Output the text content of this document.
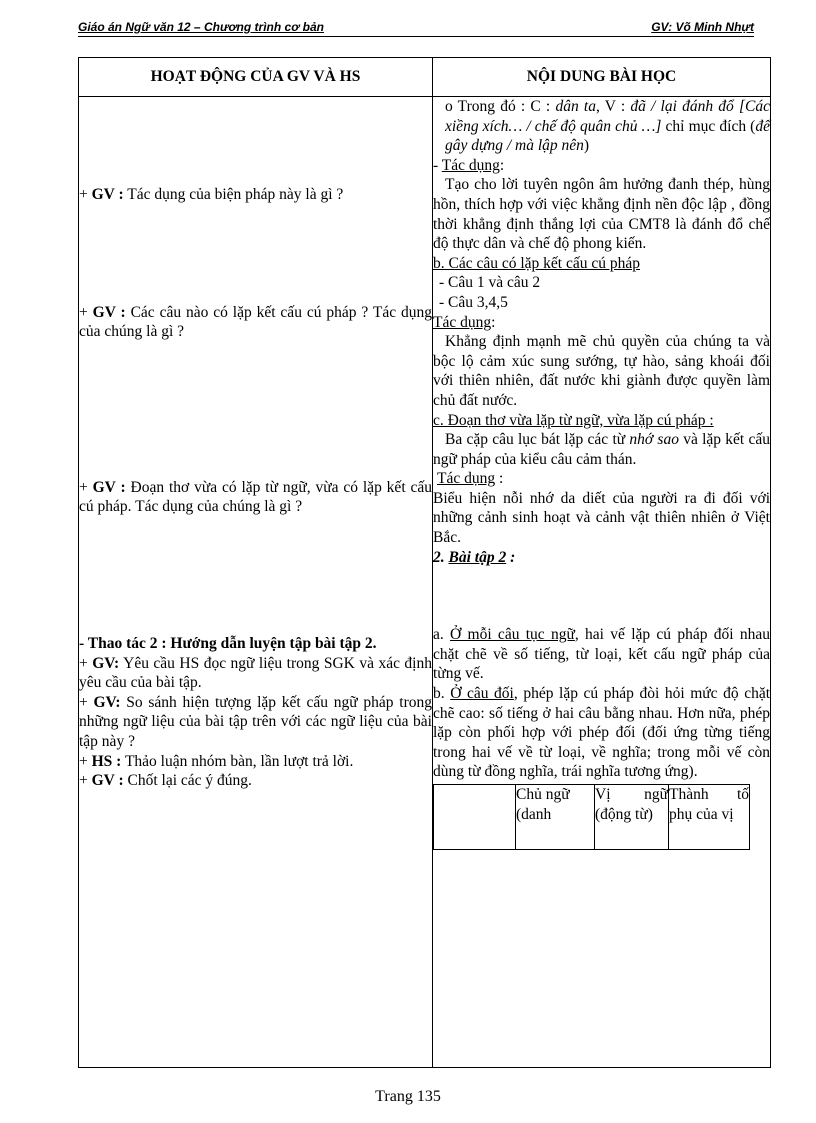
Giáo án Ngữ văn 12 – Chương trình cơ bản	GV: Võ Minh Nhựt
HOẠT ĐỘNG CỦA GV VÀ HS	NỘI DUNG BÀI HỌC

+ GV : Tác dụng của biện pháp này là gì ?
+ GV : Các câu nào có lặp kết cấu cú pháp ? Tác dụng của chúng là gì ?
+ GV : Đoạn thơ vừa có lặp từ ngữ, vừa có lặp kết cấu cú pháp. Tác dụng của chúng là gì ?
- Thao tác 2 : Hướng dẫn luyện tập bài tập 2.
+ GV: Yêu cầu HS đọc ngữ liệu trong SGK và xác định yêu cầu của bài tập.
+ GV: So sánh hiện tượng lặp kết cấu ngữ pháp trong những ngữ liệu của bài tập trên với các ngữ liệu của bài tập này ?
+ HS : Thảo luận nhóm bàn, lần lượt trả lời.
+ GV : Chốt lại các ý đúng.

o Trong đó : C : dân ta, V : đã / lại đánh đổ [Các xiềng xích… / chế độ quân chủ …] chỉ mục đích (để gây dựng / mà lập nên)
- Tác dụng:
Tạo cho lời tuyên ngôn âm hưởng đanh thép, hùng hồn, thích hợp với việc khẳng định nền độc lập , đồng thời khẳng định thắng lợi của CMT8 là đánh đổ chế độ thực dân và chế độ phong kiến.
b. Các câu có lặp kết cấu cú pháp
- Câu 1 và câu 2
- Câu 3,4,5
Tác dụng:
Khẳng định mạnh mẽ chủ quyền của chúng ta và bộc lộ cảm xúc sung sướng, tự hào, sảng khoái đối với thiên nhiên, đất nước khi giành được quyền làm chủ đất nước.
c. Đoạn thơ vừa lặp từ ngữ, vừa lặp cú pháp :
Ba cặp câu lục bát lặp các từ nhớ sao và lặp kết cấu ngữ pháp của kiểu câu cảm thán.
Tác dụng :
Biểu hiện nỗi nhớ da diết của người ra đi đối với những cảnh sinh hoạt và cảnh vật thiên nhiên ở Việt Bắc.
2. Bài tập 2 :
a. Ở mỗi câu tục ngữ, hai vế lặp cú pháp đối nhau chặt chẽ về số tiếng, từ loại, kết cấu ngữ pháp của từng vế.
b. Ở câu đối, phép lặp cú pháp đòi hỏi mức độ chặt chẽ cao: số tiếng ở hai câu bằng nhau. Hơn nữa, phép lặp còn phối hợp với phép đối (đối ứng từng tiếng trong hai vế về từ loại, về nghĩa; trong mỗi vế còn dùng từ đồng nghĩa, trái nghĩa tương ứng).
	Chủ ngữ (danh	Vị ngữ (động từ)	Thành tố phụ của vị
Trang 135
